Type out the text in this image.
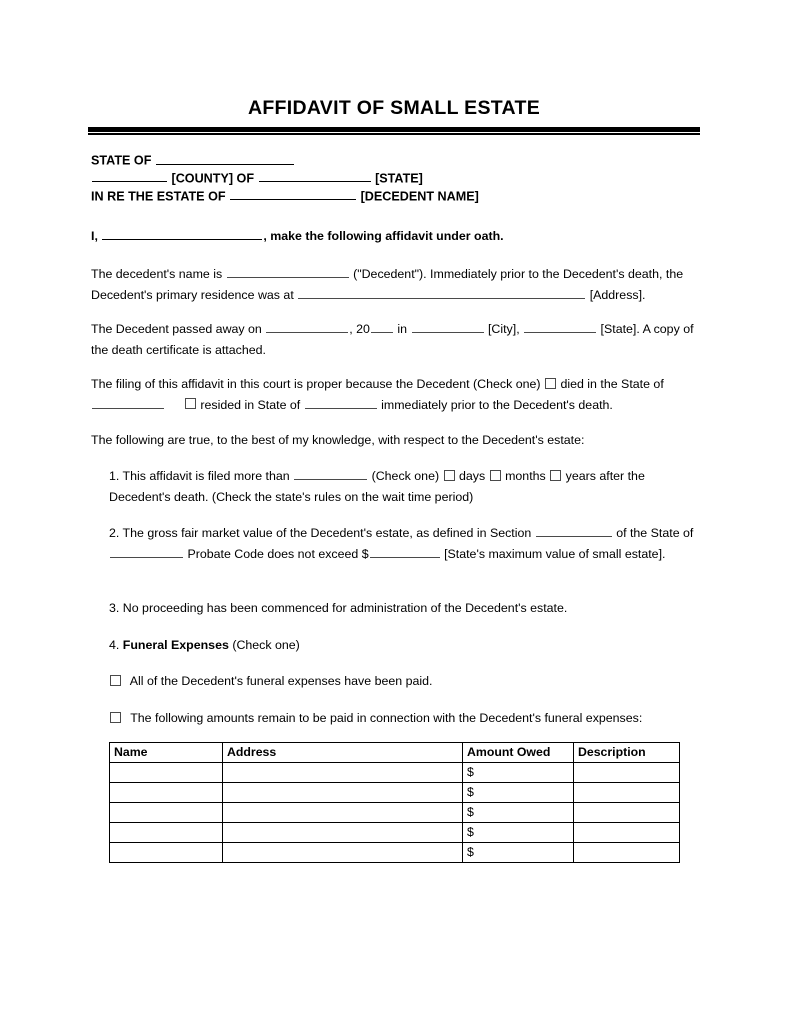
AFFIDAVIT OF SMALL ESTATE
STATE OF
[COUNTY] OF	[STATE]
IN RE THE ESTATE OF	[DECEDENT NAME]
I,	, make the following affidavit under oath.
The decedent's name is	("Decedent"). Immediately prior to the Decedent's death, the Decedent's primary residence was at	[Address].
The Decedent passed away on	, 20 in	[City],	[State]. A copy of the death certificate is attached.
The filing of this affidavit in this court is proper because the Decedent (Check one) died in the State of    resided in State of	immediately prior to the Decedent's death.
The following are true, to the best of my knowledge, with respect to the Decedent's estate:
1. This affidavit is filed more than	(Check one) days months years after the Decedent's death. (Check the state's rules on the wait time period)
2. The gross fair market value of the Decedent's estate, as defined in Section	of the State of  Probate Code does not exceed $	[State's maximum value of small estate].
3. No proceeding has been commenced for administration of the Decedent's estate.
4. Funeral Expenses (Check one)
All of the Decedent's funeral expenses have been paid.
The following amounts remain to be paid in connection with the Decedent's funeral expenses:
Name	Address	Amount Owed	Description
		$	
		$	
		$	
		$	
		$	
